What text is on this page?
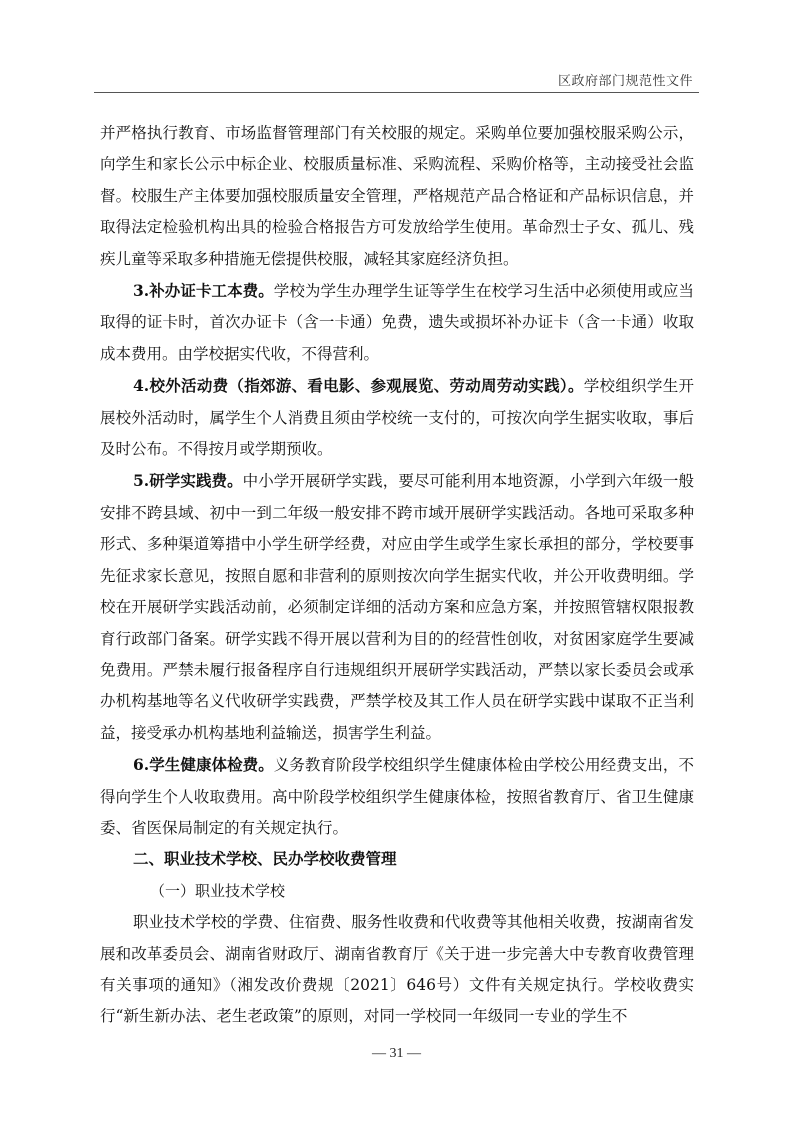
区政府部门规范性文件

并严格执行教育、市场监督管理部门有关校服的规定。采购单位要加强校服采购公示，向学生和家长公示中标企业、校服质量标准、采购流程、采购价格等，主动接受社会监督。校服生产主体要加强校服质量安全管理，严格规范产品合格证和产品标识信息，并取得法定检验机构出具的检验合格报告方可发放给学生使用。革命烈士子女、孤儿、残疾儿童等采取多种措施无偿提供校服，减轻其家庭经济负担。

3.补办证卡工本费。学校为学生办理学生证等学生在校学习生活中必须使用或应当取得的证卡时，首次办证卡（含一卡通）免费，遗失或损坏补办证卡（含一卡通）收取成本费用。由学校据实代收，不得营利。

4.校外活动费（指郊游、看电影、参观展览、劳动周劳动实践）。学校组织学生开展校外活动时，属学生个人消费且须由学校统一支付的，可按次向学生据实收取，事后及时公布。不得按月或学期预收。

5.研学实践费。中小学开展研学实践，要尽可能利用本地资源，小学到六年级一般安排不跨县域、初中一到二年级一般安排不跨市域开展研学实践活动。各地可采取多种形式、多种渠道筹措中小学生研学经费，对应由学生或学生家长承担的部分，学校要事先征求家长意见，按照自愿和非营利的原则按次向学生据实代收，并公开收费明细。学校在开展研学实践活动前，必须制定详细的活动方案和应急方案，并按照管辖权限报教育行政部门备案。研学实践不得开展以营利为目的的经营性创收，对贫困家庭学生要减免费用。严禁未履行报备程序自行违规组织开展研学实践活动，严禁以家长委员会或承办机构基地等名义代收研学实践费，严禁学校及其工作人员在研学实践中谋取不正当利益，接受承办机构基地利益输送，损害学生利益。

6.学生健康体检费。义务教育阶段学校组织学生健康体检由学校公用经费支出，不得向学生个人收取费用。高中阶段学校组织学生健康体检，按照省教育厅、省卫生健康委、省医保局制定的有关规定执行。

二、职业技术学校、民办学校收费管理

（一）职业技术学校

职业技术学校的学费、住宿费、服务性收费和代收费等其他相关收费，按湖南省发展和改革委员会、湖南省财政厅、湖南省教育厅《关于进一步完善大中专教育收费管理有关事项的通知》（湘发改价费规〔2021〕646号）文件有关规定执行。学校收费实行“新生新办法、老生老政策”的原则，对同一学校同一年级同一专业的学生不

— 31 —
